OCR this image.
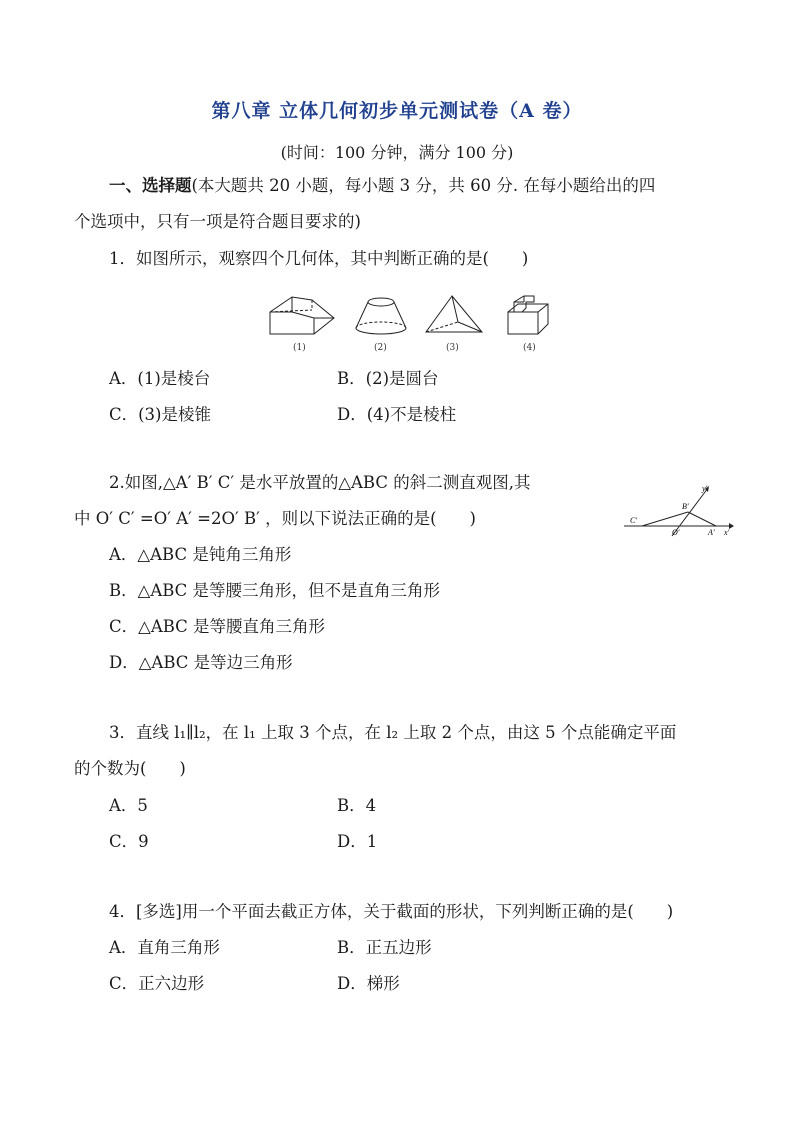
第八章 立体几何初步单元测试卷（A 卷）
(时间：100 分钟，满分 100 分)
一、选择题(本大题共 20 小题，每小题 3 分，共 60 分. 在每小题给出的四
个选项中，只有一项是符合题目要求的)
1．如图所示，观察四个几何体，其中判断正确的是(　　)
(1)	(2)	(3)	(4)
A．(1)是棱台	B．(2)是圆台
C．(3)是棱锥	D．(4)不是棱柱
2.如图,△A′ B′ C′ 是水平放置的△ABC 的斜二测直观图,其
中 O′ C′ =O′ A′ =2O′ B′ ，则以下说法正确的是(　　)
y′
B′
C′
O′	A′ x′
A．△ABC 是钝角三角形
B．△ABC 是等腰三角形，但不是直角三角形
C．△ABC 是等腰直角三角形
D．△ABC 是等边三角形
3．直线 l₁∥l₂，在 l₁ 上取 3 个点，在 l₂ 上取 2 个点，由这 5 个点能确定平面
的个数为(　　)
A．5	B．4
C．9	D．1
4．[多选]用一个平面去截正方体，关于截面的形状，下列判断正确的是(　　)
A．直角三角形	B．正五边形
C．正六边形	D．梯形
